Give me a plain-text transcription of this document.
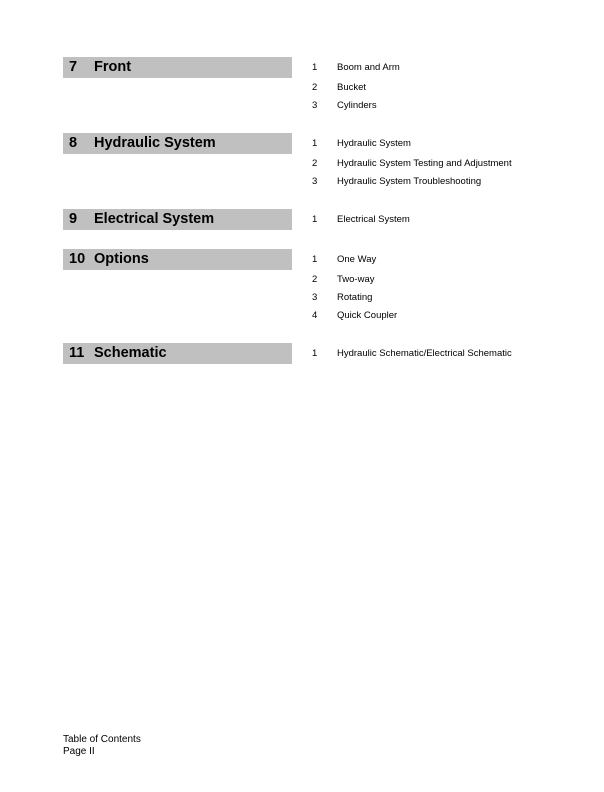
7 Front	1 Boom and Arm
2 Bucket
3 Cylinders
8 Hydraulic System	1 Hydraulic System
2 Hydraulic System Testing and Adjustment
3 Hydraulic System Troubleshooting
9 Electrical System	1 Electrical System
10 Options	1 One Way
2 Two-way
3 Rotating
4 Quick Coupler
11 Schematic	1 Hydraulic Schematic/Electrical Schematic
Table of Contents
Page II
